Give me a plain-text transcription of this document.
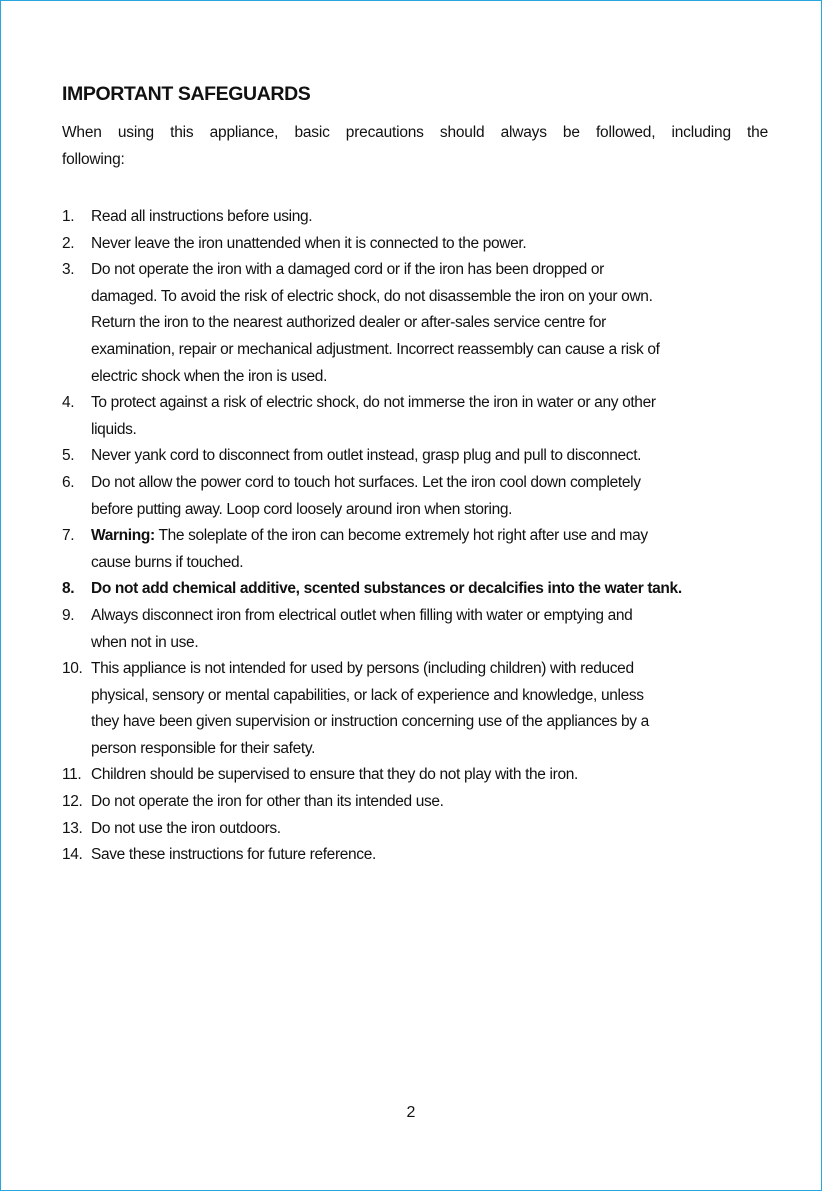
IMPORTANT SAFEGUARDS
When using this appliance, basic precautions should always be followed, including the
following:
1. Read all instructions before using.
2. Never leave the iron unattended when it is connected to the power.
3. Do not operate the iron with a damaged cord or if the iron has been dropped or
damaged. To avoid the risk of electric shock, do not disassemble the iron on your own.
Return the iron to the nearest authorized dealer or after-sales service centre for
examination, repair or mechanical adjustment. Incorrect reassembly can cause a risk of
electric shock when the iron is used.
4. To protect against a risk of electric shock, do not immerse the iron in water or any other
liquids.
5. Never yank cord to disconnect from outlet instead, grasp plug and pull to disconnect.
6. Do not allow the power cord to touch hot surfaces. Let the iron cool down completely
before putting away. Loop cord loosely around iron when storing.
7. Warning: The soleplate of the iron can become extremely hot right after use and may
cause burns if touched.
8. Do not add chemical additive, scented substances or decalcifies into the water tank.
9. Always disconnect iron from electrical outlet when filling with water or emptying and
when not in use.
10. This appliance is not intended for used by persons (including children) with reduced
physical, sensory or mental capabilities, or lack of experience and knowledge, unless
they have been given supervision or instruction concerning use of the appliances by a
person responsible for their safety.
11. Children should be supervised to ensure that they do not play with the iron.
12. Do not operate the iron for other than its intended use.
13. Do not use the iron outdoors.
14. Save these instructions for future reference.
2
